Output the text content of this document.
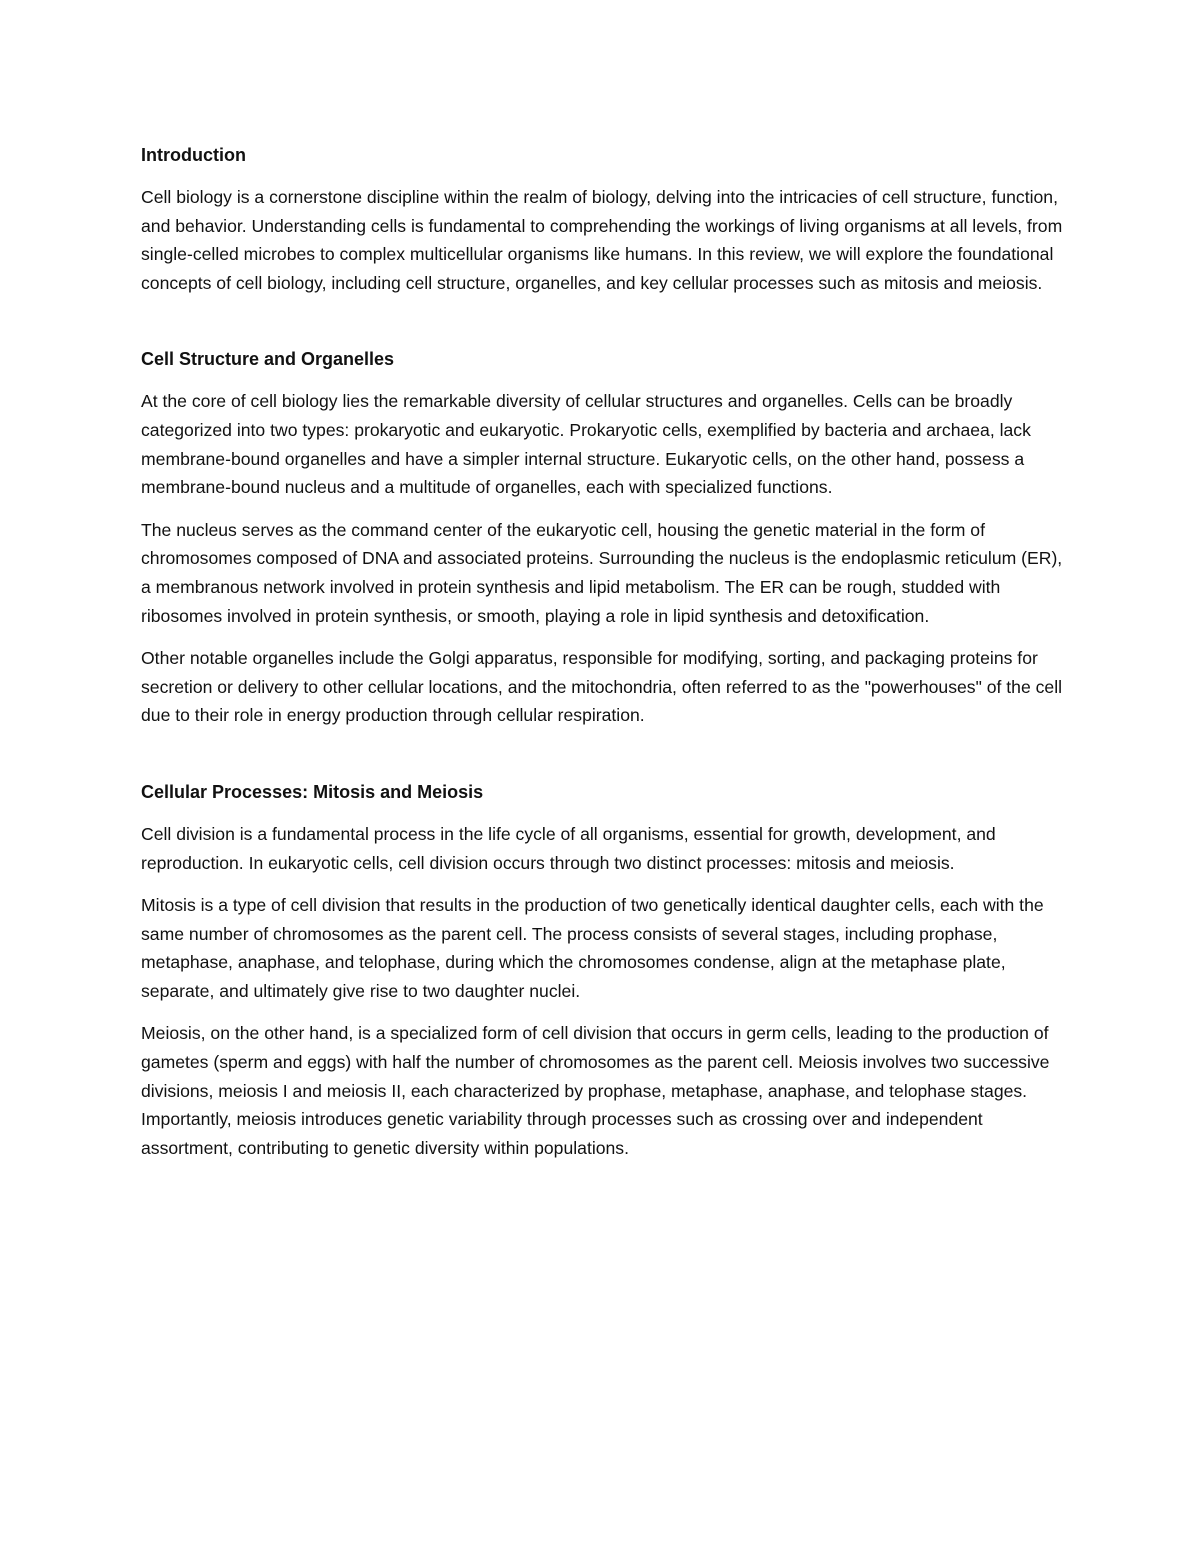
Introduction

Cell biology is a cornerstone discipline within the realm of biology, delving into the intricacies of cell structure, function, and behavior. Understanding cells is fundamental to comprehending the workings of living organisms at all levels, from single-celled microbes to complex multicellular organisms like humans. In this review, we will explore the foundational concepts of cell biology, including cell structure, organelles, and key cellular processes such as mitosis and meiosis.

Cell Structure and Organelles

At the core of cell biology lies the remarkable diversity of cellular structures and organelles. Cells can be broadly categorized into two types: prokaryotic and eukaryotic. Prokaryotic cells, exemplified by bacteria and archaea, lack membrane-bound organelles and have a simpler internal structure. Eukaryotic cells, on the other hand, possess a membrane-bound nucleus and a multitude of organelles, each with specialized functions.

The nucleus serves as the command center of the eukaryotic cell, housing the genetic material in the form of chromosomes composed of DNA and associated proteins. Surrounding the nucleus is the endoplasmic reticulum (ER), a membranous network involved in protein synthesis and lipid metabolism. The ER can be rough, studded with ribosomes involved in protein synthesis, or smooth, playing a role in lipid synthesis and detoxification.

Other notable organelles include the Golgi apparatus, responsible for modifying, sorting, and packaging proteins for secretion or delivery to other cellular locations, and the mitochondria, often referred to as the "powerhouses" of the cell due to their role in energy production through cellular respiration.

Cellular Processes: Mitosis and Meiosis

Cell division is a fundamental process in the life cycle of all organisms, essential for growth, development, and reproduction. In eukaryotic cells, cell division occurs through two distinct processes: mitosis and meiosis.

Mitosis is a type of cell division that results in the production of two genetically identical daughter cells, each with the same number of chromosomes as the parent cell. The process consists of several stages, including prophase, metaphase, anaphase, and telophase, during which the chromosomes condense, align at the metaphase plate, separate, and ultimately give rise to two daughter nuclei.

Meiosis, on the other hand, is a specialized form of cell division that occurs in germ cells, leading to the production of gametes (sperm and eggs) with half the number of chromosomes as the parent cell. Meiosis involves two successive divisions, meiosis I and meiosis II, each characterized by prophase, metaphase, anaphase, and telophase stages. Importantly, meiosis introduces genetic variability through processes such as crossing over and independent assortment, contributing to genetic diversity within populations.
